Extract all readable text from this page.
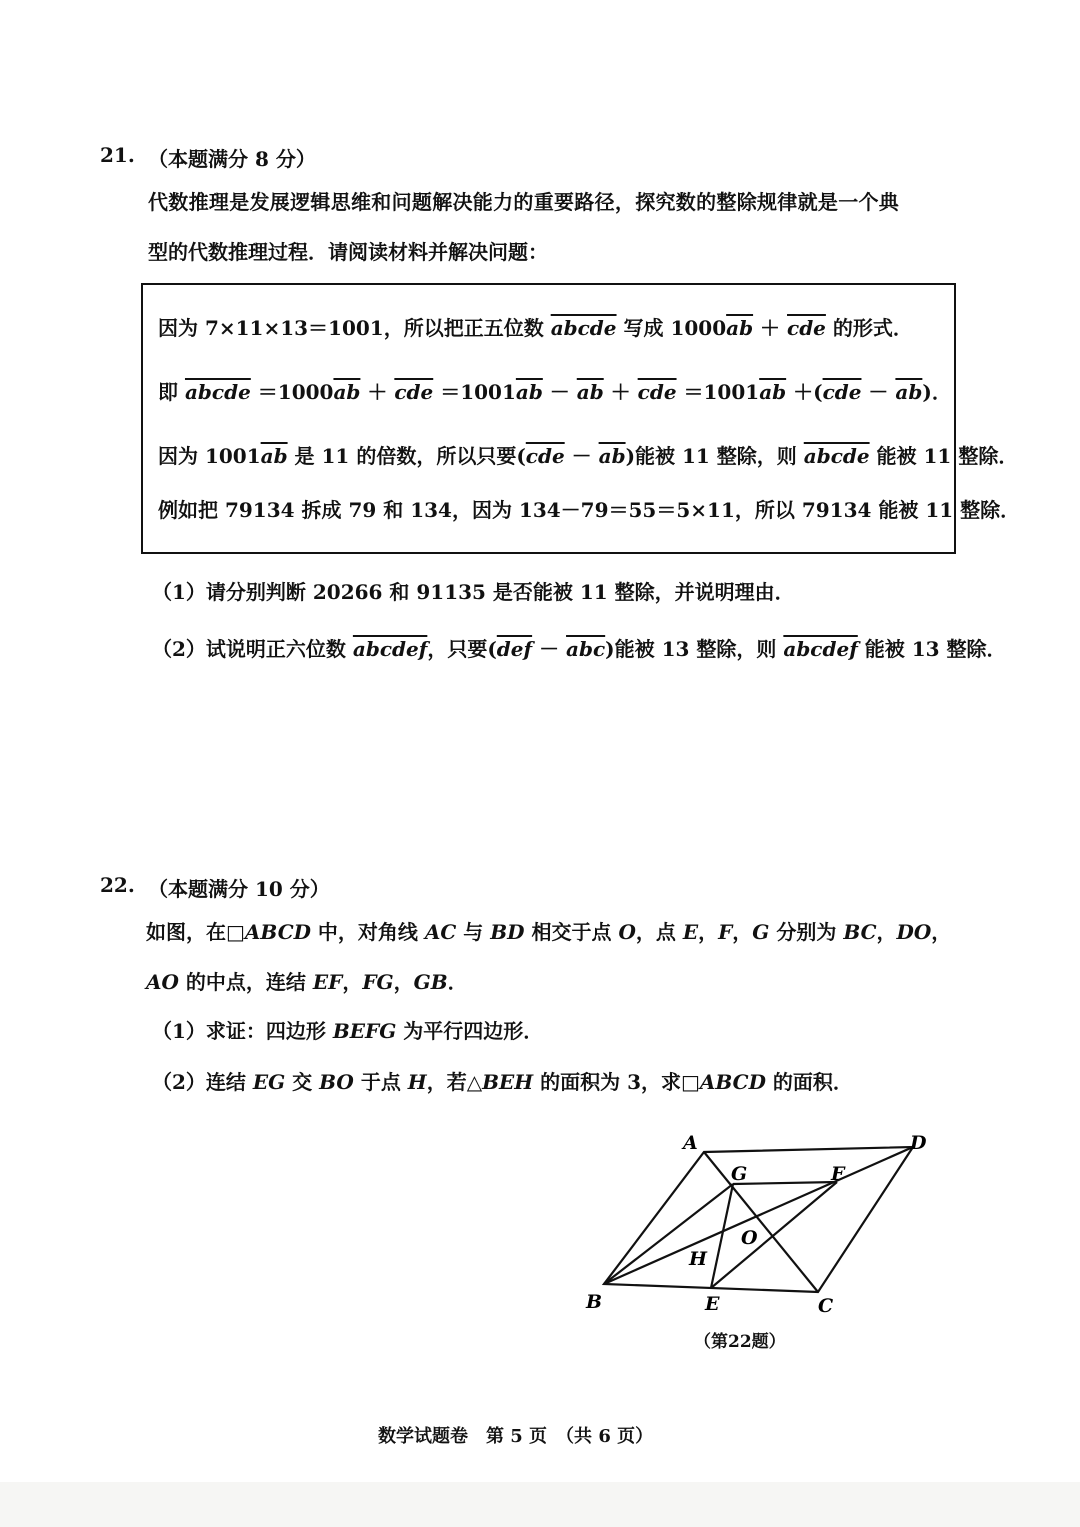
21. （本题满分 8 分）
代数推理是发展逻辑思维和问题解决能力的重要路径，探究数的整除规律就是一个典
型的代数推理过程．请阅读材料并解决问题：
因为 7×11×13＝1001，所以把正五位数 abcde 写成 $1000\overline{ab} + \overline{cde}$ 的形式．
即 abcde $=1000\overline{ab} + \overline{cde} =1001\overline{ab} - \overline{ab} + \overline{cde} =1001\overline{ab} +(\overline{cde} - \overline{ab})$．
因为 $1001\overline{ab}$ 是 11 的倍数，所以只要$(\overline{cde} - \overline{ab})$能被 11 整除，则 abcde 能被 11 整除．
例如把 79134 拆成 79 和 134，因为 134－79＝55＝5×11，所以 79134 能被 11 整除．
（1）请分别判断 20266 和 91135 是否能被 11 整除，并说明理由．
（2）试说明正六位数 abcdef，只要$(\overline{def} - \overline{abc})$能被 13 整除，则 abcdef 能被 13 整除．
22. （本题满分 10 分）
如图，在□ABCD 中，对角线 AC 与 BD 相交于点 O，点 E，F，G 分别为 BC，DO，
AO 的中点，连结 EF，FG，GB．
（1）求证：四边形 BEFG 为平行四边形．
（2）连结 EG 交 BO 于点 H，若△BEH 的面积为 3，求□ABCD 的面积．
A	D
G	F
O
H
B	E	C
（第22题）
数学试题卷　第 5 页　（共 6 页）
